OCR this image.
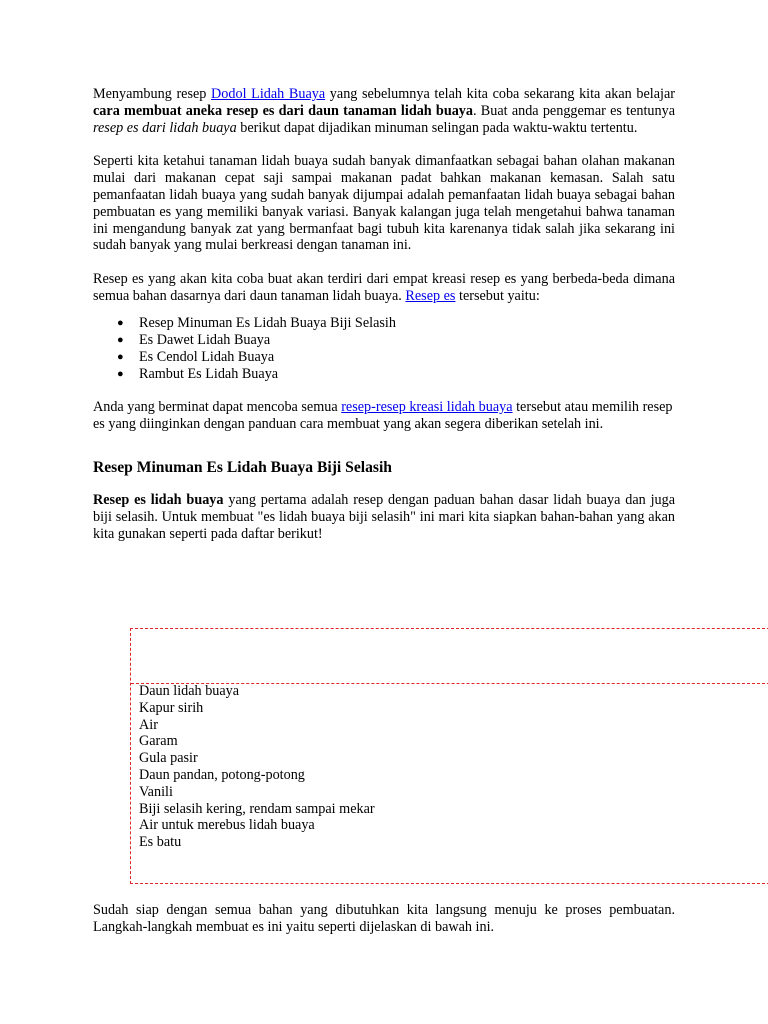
Menyambung resep Dodol Lidah Buaya yang sebelumnya telah kita coba sekarang kita akan belajar cara membuat aneka resep es dari daun tanaman lidah buaya. Buat anda penggemar es tentunya resep es dari lidah buaya berikut dapat dijadikan minuman selingan pada waktu-waktu tertentu.

Seperti kita ketahui tanaman lidah buaya sudah banyak dimanfaatkan sebagai bahan olahan makanan mulai dari makanan cepat saji sampai makanan padat bahkan makanan kemasan. Salah satu pemanfaatan lidah buaya yang sudah banyak dijumpai adalah pemanfaatan lidah buaya sebagai bahan pembuatan es yang memiliki banyak variasi. Banyak kalangan juga telah mengetahui bahwa tanaman ini mengandung banyak zat yang bermanfaat bagi tubuh kita karenanya tidak salah jika sekarang ini sudah banyak yang mulai berkreasi dengan tanaman ini.

Resep es yang akan kita coba buat akan terdiri dari empat kreasi resep es yang berbeda-beda dimana semua bahan dasarnya dari daun tanaman lidah buaya. Resep es tersebut yaitu:

● Resep Minuman Es Lidah Buaya Biji Selasih
● Es Dawet Lidah Buaya
● Es Cendol Lidah Buaya
● Rambut Es Lidah Buaya

Anda yang berminat dapat mencoba semua resep-resep kreasi lidah buaya tersebut atau memilih resep es yang diinginkan dengan panduan cara membuat yang akan segera diberikan setelah ini.

Resep Minuman Es Lidah Buaya Biji Selasih

Resep es lidah buaya yang pertama adalah resep dengan paduan bahan dasar lidah buaya dan juga biji selasih. Untuk membuat "es lidah buaya biji selasih" ini mari kita siapkan bahan-bahan yang akan kita gunakan seperti pada daftar berikut!

Daun lidah buaya
Kapur sirih
Air
Garam
Gula pasir
Daun pandan, potong-potong
Vanili
Biji selasih kering, rendam sampai mekar
Air untuk merebus lidah buaya
Es batu

Sudah siap dengan semua bahan yang dibutuhkan kita langsung menuju ke proses pembuatan. Langkah-langkah membuat es ini yaitu seperti dijelaskan di bawah ini.
